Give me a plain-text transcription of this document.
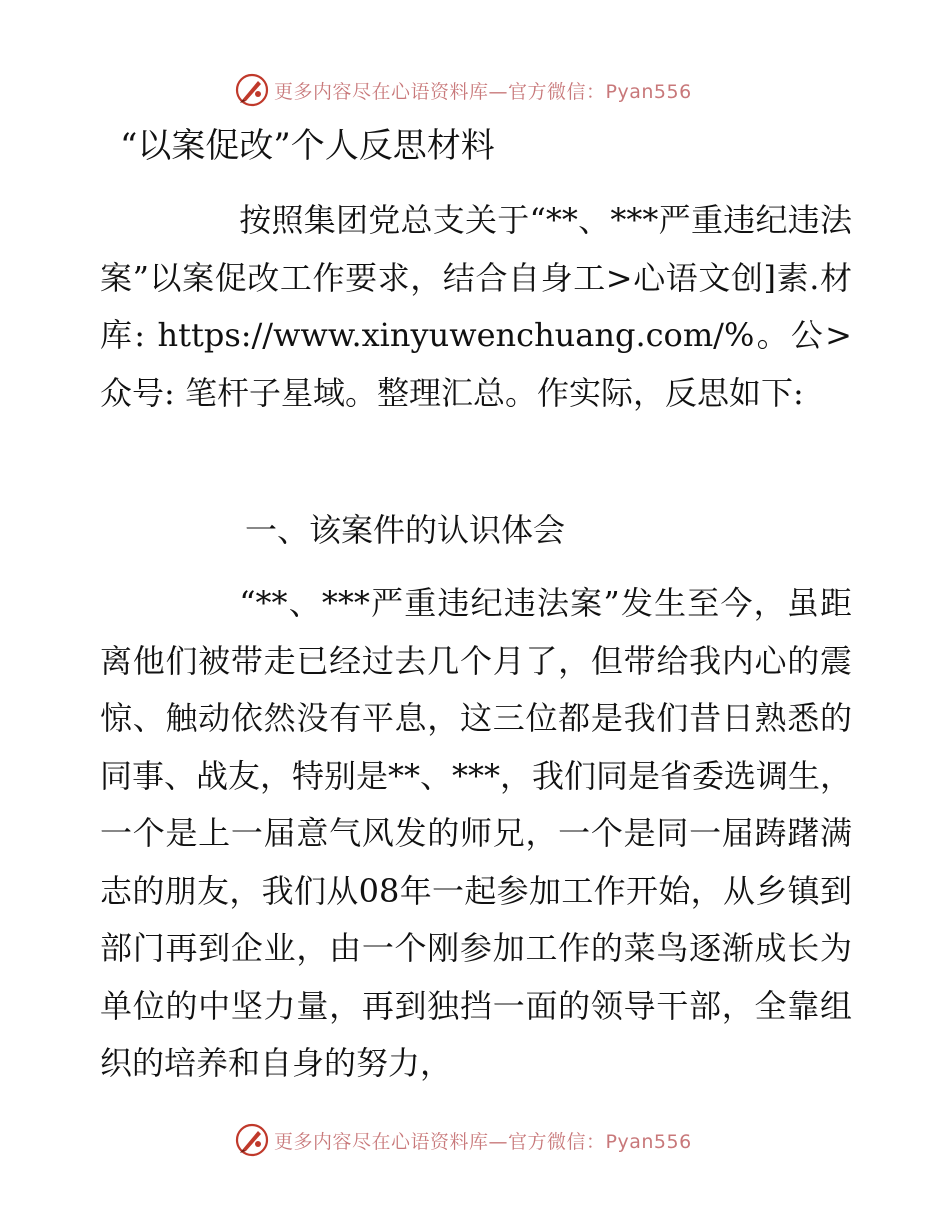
更多内容尽在心语资料库—官方微信：Pyan556
“以案促改”个人反思材料

按照集团党总支关于“**、***严重违纪违法案”以案促改工作要求，结合自身工>心语文创]素.材库: https://www.xinyuwenchuang.com/%。公>众号: 笔杆子星域。整理汇总。作实际，反思如下:

一、该案件的认识体会

“**、***严重违纪违法案”发生至今，虽距离他们被带走已经过去几个月了，但带给我内心的震惊、触动依然没有平息，这三位都是我们昔日熟悉的同事、战友，特别是**、***，我们同是省委选调生，一个是上一届意气风发的师兄，一个是同一届踌躇满志的朋友，我们从08年一起参加工作开始，从乡镇到部门再到企业，由一个刚参加工作的菜鸟逐渐成长为单位的中坚力量，再到独挡一面的领导干部，全靠组织的培养和自身的努力，

更多内容尽在心语资料库—官方微信：Pyan556
